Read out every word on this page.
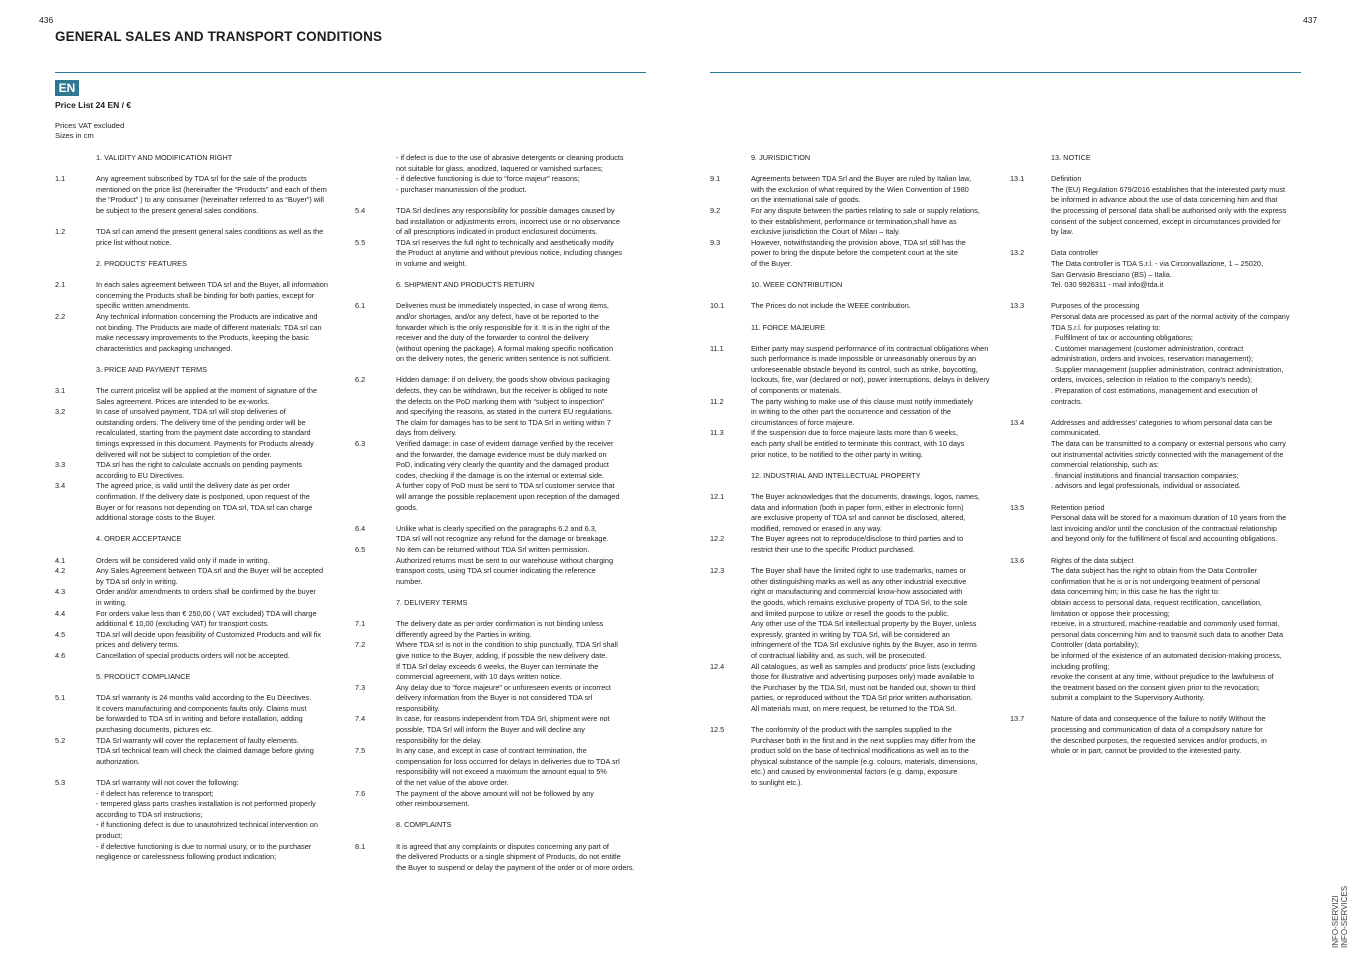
436	437
GENERAL SALES AND TRANSPORT CONDITIONS
EN
Price List 24 EN / €
Prices VAT excluded
Sizes in cm
1. VALIDITY AND MODIFICATION RIGHT
1.1	Any agreement subscribed by TDA srl for the sale of the products
mentioned on the price list (hereinafter the “Products” and each of them
the “Product” ) to any consumer (hereinafter referred to as “Buyer”) will
be subject to the present general sales conditions.
1.2	TDA srl can amend the present general sales conditions as well as the
price list without notice.
2. PRODUCTS' FEATURES
2.1	In each sales agreement between TDA srl and the Buyer, all information
concerning the Products shall be binding for both parties, except for
specific written amendments.
2.2	Any technical information concerning the Products are indicative and
not binding. The Products are made of different materials: TDA srl can
make necessary improvements to the Products, keeping the basic
characteristics and packaging unchanged.
3. PRICE AND PAYMENT TERMS
3.1	The current pricelist will be applied at the moment of signature of the
Sales agreement. Prices are intended to be ex-works.
3.2	In case of unsolved payment, TDA srl will stop deliveries of
outstanding orders. The delivery time of the pending order will be
recalculated, starting from the payment date according to standard
timings expressed in this document. Payments for Products already
delivered will not be subject to completion of the order.
3.3	TDA srl has the right to calculate accruals on pending payments
according to EU Directives.
3.4	The agreed price, is valid until the delivery date as per order
confirmation. If the delivery date is postponed, upon request of the
Buyer or for reasons not depending on TDA srl, TDA srl can charge
additional storage costs to the Buyer.
4. ORDER ACCEPTANCE
4.1	Orders will be considered valid only if made in writing.
4.2	Any Sales Agreement between TDA srl and the Buyer will be accepted
by TDA srl only in writing.
4.3	Order and/or amendments to orders shall be confirmed by the buyer
in writing.
4.4	For orders value less than € 250,00 ( VAT excluded) TDA will charge
additional € 10,00 (excluding VAT) for transport costs.
4.5	TDA srl will decide upon feasibility of Customized Products and will fix
prices and delivery terms.
4.6	Cancellation of special products orders will not be accepted.
5. PRODUCT COMPLIANCE
5.1	TDA srl warranty is 24 months valid according to the Eu Directives.
It covers manufacturing and components faults only. Claims must
be forwarded to TDA srl in writing and before installation, adding
purchasing documents, pictures etc.
5.2	TDA Srl warranty will cover the replacement of faulty elements.
TDA srl technical team will check the claimed damage before giving
authorization.
5.3	TDA srl warranty will not cover the following:
- if defect has reference to transport;
- tempered glass parts crashes installation is not performed properly
according to TDA srl instructions;
- if functioning defect is due to unautohrized technical intervention on
product;
- if defective functioning is due to normal usury, or to the purchaser
negligence or carelessness following product indication;
- if defect is due to the use of abrasive detergents or cleaning products
not suitable for glass, anodized, laquered or varnished surfaces;
- if defective functioning is due to “force majeur” reasons;
- purchaser manumission of the product.
5.4	TDA Srl declines any responsibility for possible damages caused by
bad installation or adjustments errors, incorrect use or no observance
of all prescriptions indicated in product enclosured documents.
5.5	TDA srl reserves the full right to technically and aesthetically modify
the Product at anytime and without previous notice, including changes
in volume and weight.
6. SHIPMENT AND PRODUCTS RETURN
6.1	Deliveries must be immediately inspected, in case of wrong items,
and/or shortages, and/or any defect, have ot be reported to the
forwarder which is the only responsible for it. It is in the right of the
receiver and the duty of the forwarder to control the delivery
(without opening the package). A formal making specific notification
on the delivery notes, the generic written sentence is not sufficient.
6.2	Hidden damage: if on delivery, the goods show obvious packaging
defects, they can be withdrawn, but the receiver is obliged to note
the defects on the PoD marking them with “subject to inspection”
and specifying the reasons, as stated in the current EU regulations.
The claim for damages has to be sent to TDA Srl in writing within 7
days from delivery.
6.3	Verified damage: in case of evident damage verified by the receiver
and the forwarder, the damage evidence must be duly marked on
PoD, indicating very clearly the quantity and the damaged product
codes, checking if the damage is on the internal or external side.
A further copy of PoD must be sent to TDA srl customer service that
will arrange the possible replacement upon reception of the damaged
goods.
6.4	Unlike what is clearly specified on the paragraphs 6.2 and 6.3,
TDA srl will not recognize any refund for the damage or breakage.
6.5	No item can be returned without TDA Srl written permission.
Authorized returns must be sent to our warehouse without charging
transport costs, using TDA srl courrier indicating the reference
number.
7. DELIVERY TERMS
7.1	The delivery date as per order confirmation is not binding unless
differently agreed by the Parties in writing.
7.2	Where TDA srl is not in the condition to ship punctually, TDA Srl shall
give notice to the Buyer, adding, if possible the new delivery date.
If TDA Srl delay exceeds 6 weeks, the Buyer can terminate the
commercial agreement, with 10 days written notice.
7.3	Any delay due to “force majeure” or unforeseen events or incorrect
delivery information from the Buyer is not considered TDA srl
responsibility.
7.4	In case, for reasons independent from TDA Srl, shipment were not
possible, TDA Srl will inform the Buyer and will decline any
responsibility for the delay.
7.5	In any case, and except in case of contract termination, the
compensation for loss occurred for delays in deliveries due to TDA srl
responsibility will not exceed a maximum the amount equal to 5%
of the net value of the above order.
7.6	The payment of the above amount will not be followed by any
other reimboursement.
8. COMPLAINTS
8.1	It is agreed that any complaints or disputes concerning any part of
the delivered Products or a single shipment of Products, do not entitle
the Buyer to suspend or delay the payment of the order or of more orders.
9. JURISDICTION
9.1	Agreements between TDA Srl and the Buyer are ruled by Italian law,
with the exclusion of what required by the Wien Convention of 1980
on the international sale of goods.
9.2	For any dispute between the parties relating to sale or supply relations,
to their establishment, performance or termination,shall have as
exclusive jurisdiction the Court of Milan – Italy.
9.3	However, notwithstanding the provision above, TDA srl still has the
power to bring the dispute before the competent court at the site
of the Buyer.
10. WEEE CONTRIBUTION
10.1	The Prices do not include the WEEE contribution.
11. FORCE MAJEURE
11.1	Either party may suspend performance of its contractual obligations when
such performance is made impossible or unreasonably onerous by an
unforeseenable obstacle beyond its control, such as strike, boycotting,
lockouts, fire, war (declared or not), power interruptions, delays in delivery
of components or materials.
11.2	The party wishing to make use of this clause must notify immediately
in writing to the other part the occurrence and cessation of the
circumstances of force majeure.
11.3	If the suspension due to force majeure lasts more than 6 weeks,
each party shall be entitled to terminate this contract, with 10 days
prior notice, to be notified to the other party in writing.
12. INDUSTRIAL AND INTELLECTUAL PROPERTY
12.1	The Buyer acknowledges that the documents, drawings, logos, names,
data and information (both in paper form, either in electronic form)
are exclusive property of TDA srl and cannot be disclosed, altered,
modified, removed or erased in any way.
12.2	The Buyer agrees not to reproduce/disclose to third parties and to
restrict their use to the specific Product purchased.
12.3	The Buyer shall have the limited right to use trademarks, names or
other distinguishing marks as well as any other industrial executive
right or manufacturing and commercial know-how associated with
the goods, which remains exclusive property of TDA Srl, to the sole
and limited purpose to utilize or resell the goods to the public.
Any other use of the TDA Srl intellectual property by the Buyer, unless
expressly, granted in writing by TDA Srl, will be considered an
infringement of the TDA Srl exclusive rights by the Buyer, aso in terms
of contractual liability and, as such, will be prosecuted.
12.4	All catalogues, as well as samples and products’ price lists (excluding
those for illustrative and advertising purposes only) made available to
the Purchaser by the TDA Srl, must not be handed out, shown to third
parties, or reproduced without the TDA Srl prior written authorisation.
All materials must, on mere request, be returned to the TDA Srl.
12.5	The conformity of the product with the samples supplied to the
Purchaser both in the first and in the next supplies may differ from the
product sold on the base of technical modifications as well as to the
physical substance of the sample (e.g. colours, materials, dimensions,
etc.) and caused by environmental factors (e.g. damp, exposure
to sunlight etc.).
13. NOTICE
13.1	Definition
The (EU) Regulation 679/2016 establishes that the interested party must
be informed in advance about the use of data concerning him and that
the processing of personal data shall be authorised only with the express
consent of the subject concerned, except in circumstances provided for
by law.
13.2	Data controller
The Data controller is TDA S.r.l. - via Circonvallazione, 1 – 25020,
San Gervasio Bresciano (BS) – Italia.
Tel. 030 9926311 - mail info@tda.it
13.3	Purposes of the processing
Personal data are processed as part of the normal activity of the company
TDA S.r.l. for purposes relating to:
. Fulfillment of tax or accounting obligations;
. Customer management (customer administration, contract
administration, orders and invoices, reservation management);
. Supplier management (supplier administration, contract administration,
orders, invoices, selection in relation to the company’s needs);
. Preparation of cost estimations, management and execution of
contracts.
13.4	Addresses and addresses’ categories to whom personal data can be
communicated.
The data can be transmitted to a company or external persons who carry
out instrumental activities strictly connected with the management of the
commercial relationship, such as:
. financial institutions and financial transaction companies;
. advisors and legal professionals, individual or associated.
13.5	Retention period
Personal data will be stored for a maximum duration of 10 years from the
last invoicing and/or until the conclusion of the contractual relationship
and beyond only for the fulfillment of fiscal and accounting obligations.
13.6	Rights of the data subject
The data subject has the right to obtain from the Data Controller
confirmation that he is or is not undergoing treatment of personal
data concerning him; in this case he has the right to:
obtain access to personal data, request rectification, cancellation,
limitation or oppose their processing;
receive, in a structured, machine-readable and commonly used format,
personal data concerning him and to transmit such data to another Data
Controller (data portability);
be informed of the existence of an automated decision-making process,
including profiling;
revoke the consent at any time, without prejudice to the lawfulness of
the treatment based on the consent given prior to the revocation;
submit a complaint to the Supervisory Authority.
13.7	Nature of data and consequence of the failure to notify Without the
processing and communication of data of a compulsory nature for
the described purposes, the requested services and/or products, in
whole or in part, cannot be provided to the interested party.
INFO-SERVIZI INFO-SERVICES
